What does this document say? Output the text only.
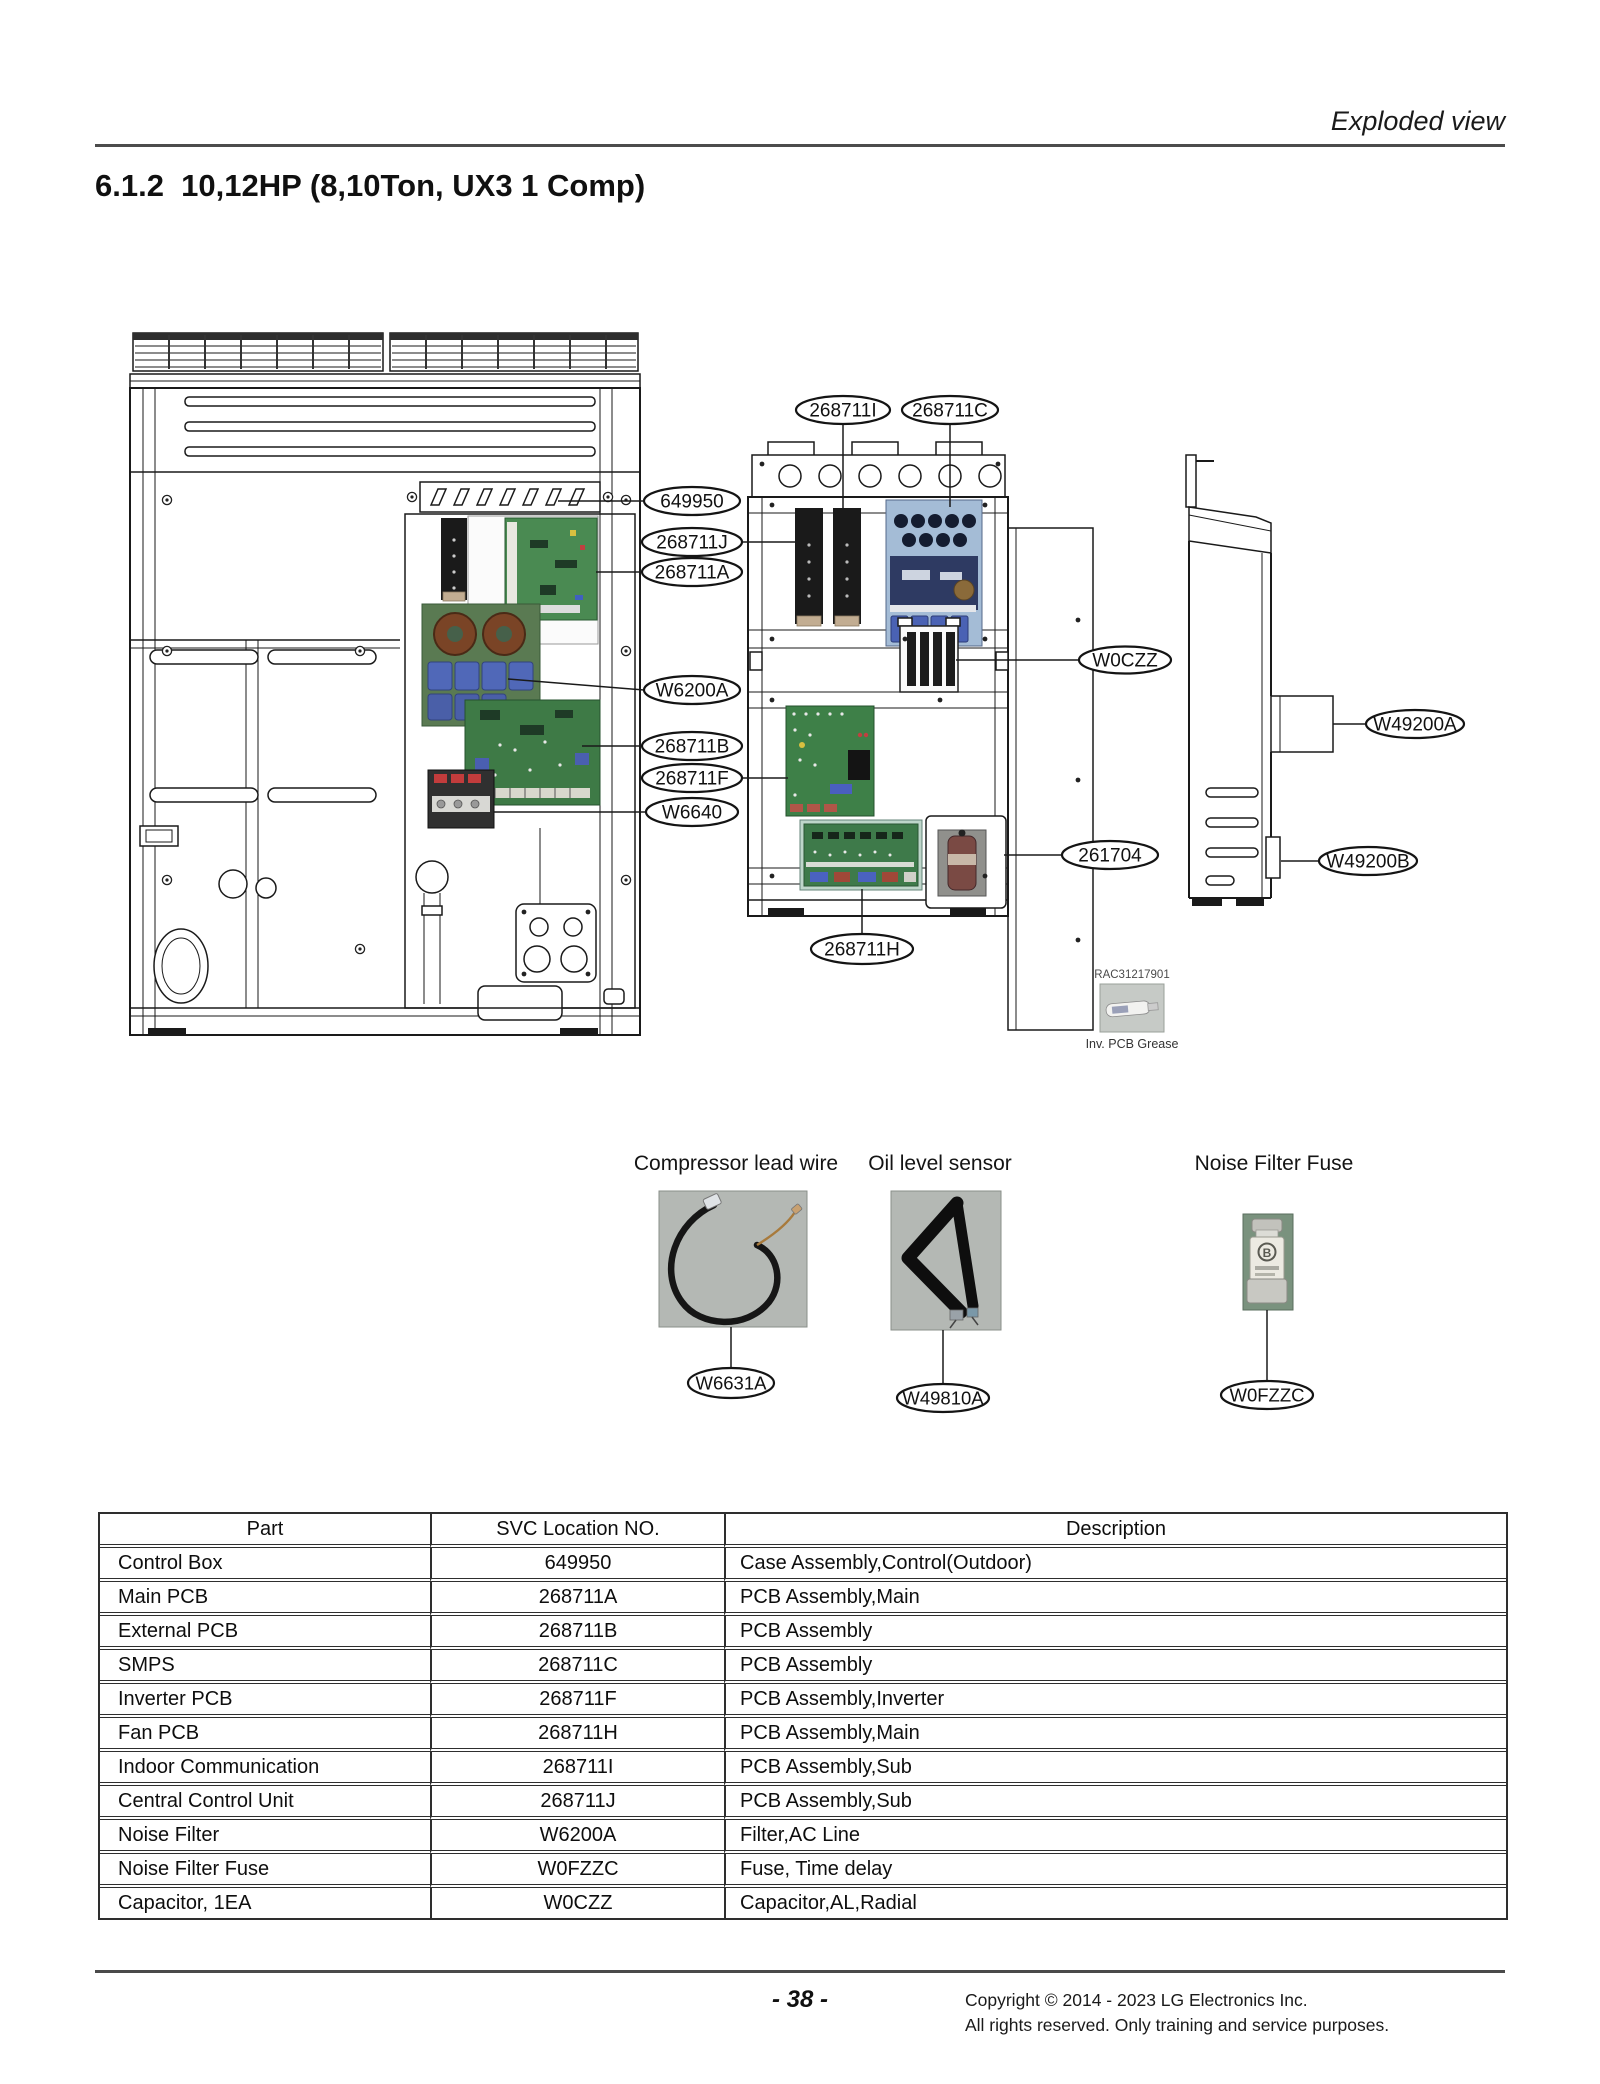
Exploded view
6.1.2  10,12HP (8,10Ton, UX3 1 Comp)
268711I 268711C
649950
268711J
268711A
W6200A
268711B
268711F
W6640
268711H
W0CZZ
261704
W49200A
W49200B
RAC31217901
Inv. PCB Grease
Compressor lead wire Oil level sensor	Noise Filter Fuse
B
W6631A
W49810A	W0FZZC
Part	SVC Location NO.	Description
Control Box	649950	Case Assembly,Control(Outdoor)
Main PCB	268711A	PCB Assembly,Main
External PCB	268711B	PCB Assembly
SMPS	268711C	PCB Assembly
Inverter PCB	268711F	PCB Assembly,Inverter
Fan PCB	268711H	PCB Assembly,Main
Indoor Communication	268711I	PCB Assembly,Sub
Central Control Unit	268711J	PCB Assembly,Sub
Noise Filter	W6200A	Filter,AC Line
Noise Filter Fuse	W0FZZC	Fuse, Time delay
Capacitor, 1EA	W0CZZ	Capacitor,AL,Radial
- 38 -	Copyright © 2014 - 2023 LG Electronics Inc.
All rights reserved. Only training and service purposes.
